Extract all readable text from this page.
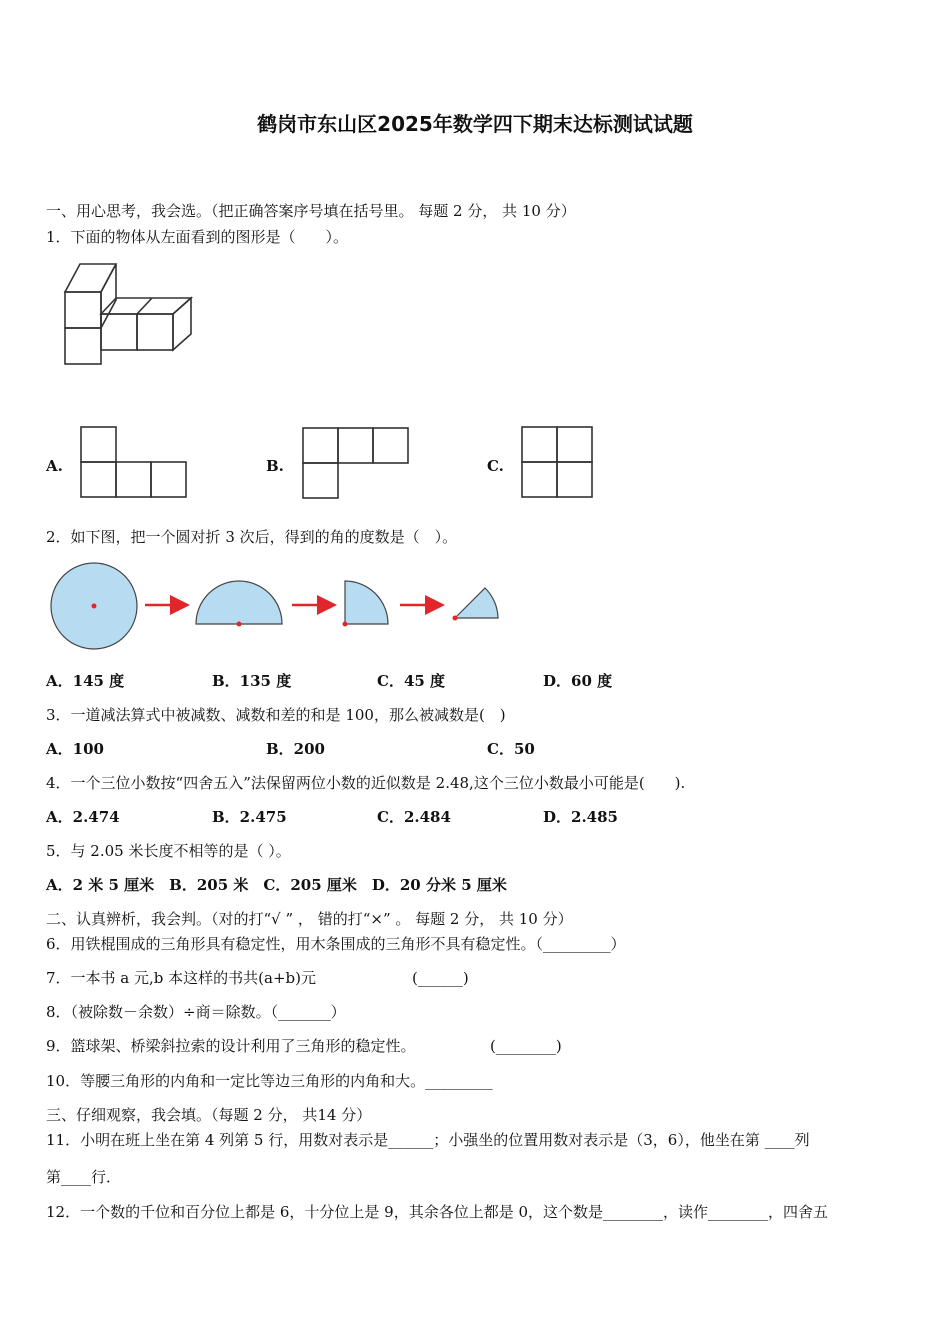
鹤岗市东山区2025年数学四下期末达标测试试题
一、用心思考，我会选。（把正确答案序号填在括号里。 每题 2 分， 共 10 分）
1．下面的物体从左面看到的图形是（　　）。
A.	B.	C.
2．如下图，把一个圆对折 3 次后，得到的角的度数是（　）。
A．145 度	B．135 度	C．45 度	D．60 度
3．一道减法算式中被减数、减数和差的和是 100，那么被减数是(　)
A．100	B．200	C．50
4．一个三位小数按“四舍五入”法保留两位小数的近似数是 2.48,这个三位小数最小可能是(　　).
A．2.474	B．2.475	C．2.484	D．2.485
5．与 2.05 米长度不相等的是（ ）。
A．2 米 5 厘米　B．205 米　C．205 厘米　D．20 分米 5 厘米
二、认真辨析，我会判。（对的打“√ ” ， 错的打“×” 。 每题 2 分， 共 10 分）
6．用铁棍围成的三角形具有稳定性，用木条围成的三角形不具有稳定性。（_________）
7．一本书 a 元,b 本这样的书共(a+b)元	(______)
8．（被除数－余数）÷商＝除数。（_______）
9．篮球架、桥梁斜拉索的设计利用了三角形的稳定性。	(________)
10．等腰三角形的内角和一定比等边三角形的内角和大。_________
三、仔细观察，我会填。（每题 2 分， 共14 分）
11．小明在班上坐在第 4 列第 5 行，用数对表示是______；小强坐的位置用数对表示是（3，6），他坐在第 ____列
第____行．
12．一个数的千位和百分位上都是 6，十分位上是 9，其余各位上都是 0，这个数是________，读作________，四舍五
